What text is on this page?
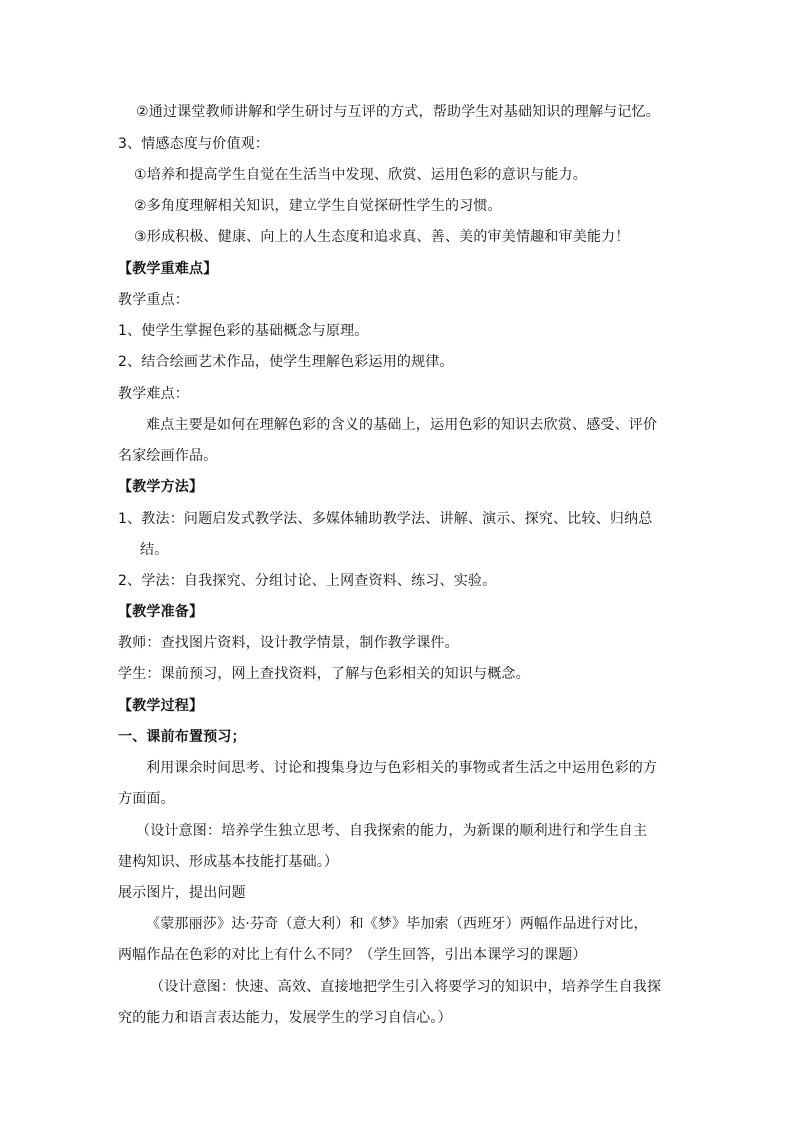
②通过课堂教师讲解和学生研讨与互评的方式，帮助学生对基础知识的理解与记忆。
3、情感态度与价值观：
①培养和提高学生自觉在生活当中发现、欣赏、运用色彩的意识与能力。
②多角度理解相关知识，建立学生自觉探研性学生的习惯。
③形成积极、健康、向上的人生态度和追求真、善、美的审美情趣和审美能力！
【教学重难点】
教学重点：
1、使学生掌握色彩的基础概念与原理。
2、结合绘画艺术作品，使学生理解色彩运用的规律。
教学难点：
难点主要是如何在理解色彩的含义的基础上，运用色彩的知识去欣赏、感受、评价
名家绘画作品。
【教学方法】
1、教法：问题启发式教学法、多媒体辅助教学法、讲解、演示、探究、比较、归纳总
结。
2、学法：自我探究、分组讨论、上网查资料、练习、实验。
【教学准备】
教师：查找图片资料，设计教学情景，制作教学课件。
学生：课前预习，网上查找资料，了解与色彩相关的知识与概念。
【教学过程】
一、课前布置预习；
利用课余时间思考、讨论和搜集身边与色彩相关的事物或者生活之中运用色彩的方
方面面。
（设计意图：培养学生独立思考、自我探索的能力，为新课的顺利进行和学生自主
建构知识、形成基本技能打基础。）
展示图片，提出问题
《蒙那丽莎》达·芬奇（意大利）和《梦》毕加索（西班牙）两幅作品进行对比，
两幅作品在色彩的对比上有什么不同？（学生回答，引出本课学习的课题）
（设计意图：快速、高效、直接地把学生引入将要学习的知识中，培养学生自我探
究的能力和语言表达能力，发展学生的学习自信心。）
